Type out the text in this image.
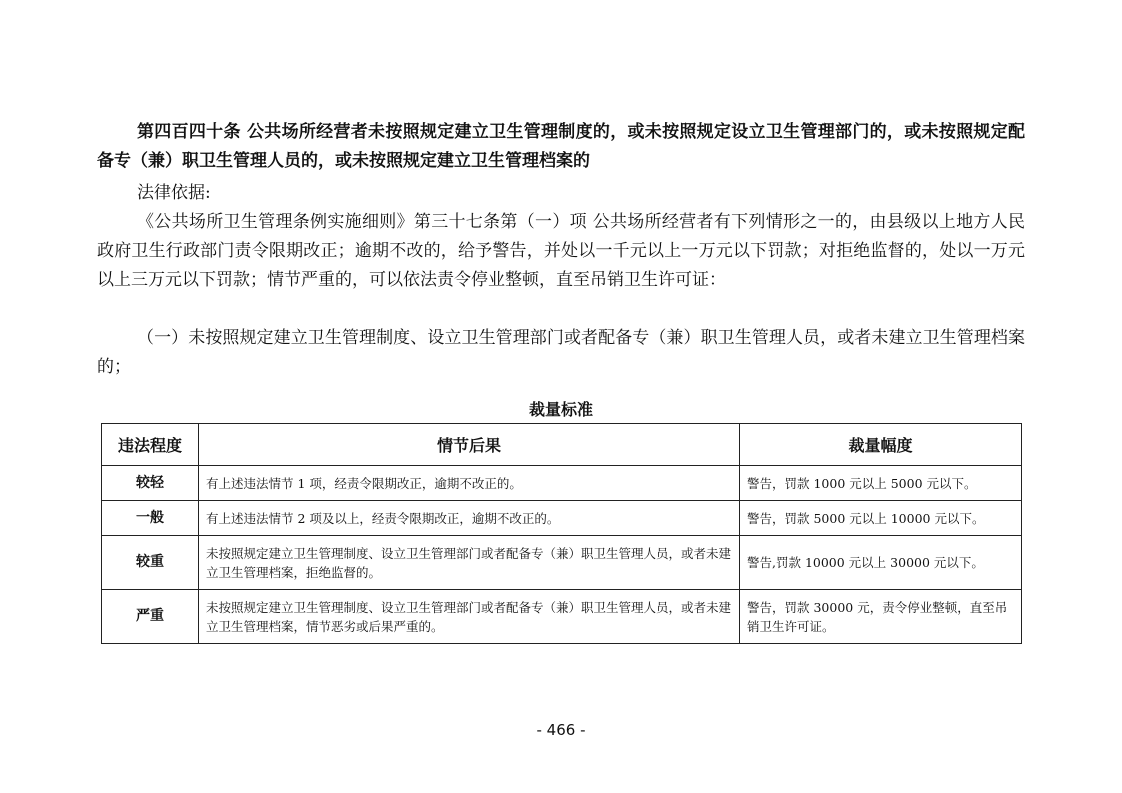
第四百四十条 公共场所经营者未按照规定建立卫生管理制度的，或未按照规定设立卫生管理部门的，或未按照规定配备专（兼）职卫生管理人员的，或未按照规定建立卫生管理档案的
法律依据:
《公共场所卫生管理条例实施细则》第三十七条第（一）项 公共场所经营者有下列情形之一的，由县级以上地方人民政府卫生行政部门责令限期改正；逾期不改的，给予警告，并处以一千元以上一万元以下罚款；对拒绝监督的，处以一万元以上三万元以下罚款；情节严重的，可以依法责令停业整顿，直至吊销卫生许可证：
（一）未按照规定建立卫生管理制度、设立卫生管理部门或者配备专（兼）职卫生管理人员，或者未建立卫生管理档案的；
裁量标准
违法程度	情节后果	裁量幅度
较轻	有上述违法情节 1 项，经责令限期改正，逾期不改正的。	警告，罚款 1000 元以上 5000 元以下。
一般	有上述违法情节 2 项及以上，经责令限期改正，逾期不改正的。	警告，罚款 5000 元以上 10000 元以下。
较重	未按照规定建立卫生管理制度、设立卫生管理部门或者配备专（兼）职卫生管理人员，或者未建立卫生管理档案，拒绝监督的。	警告,罚款 10000 元以上 30000 元以下。
严重	未按照规定建立卫生管理制度、设立卫生管理部门或者配备专（兼）职卫生管理人员，或者未建立卫生管理档案，情节恶劣或后果严重的。	警告，罚款 30000 元，责令停业整顿，直至吊销卫生许可证。
- 466 -
